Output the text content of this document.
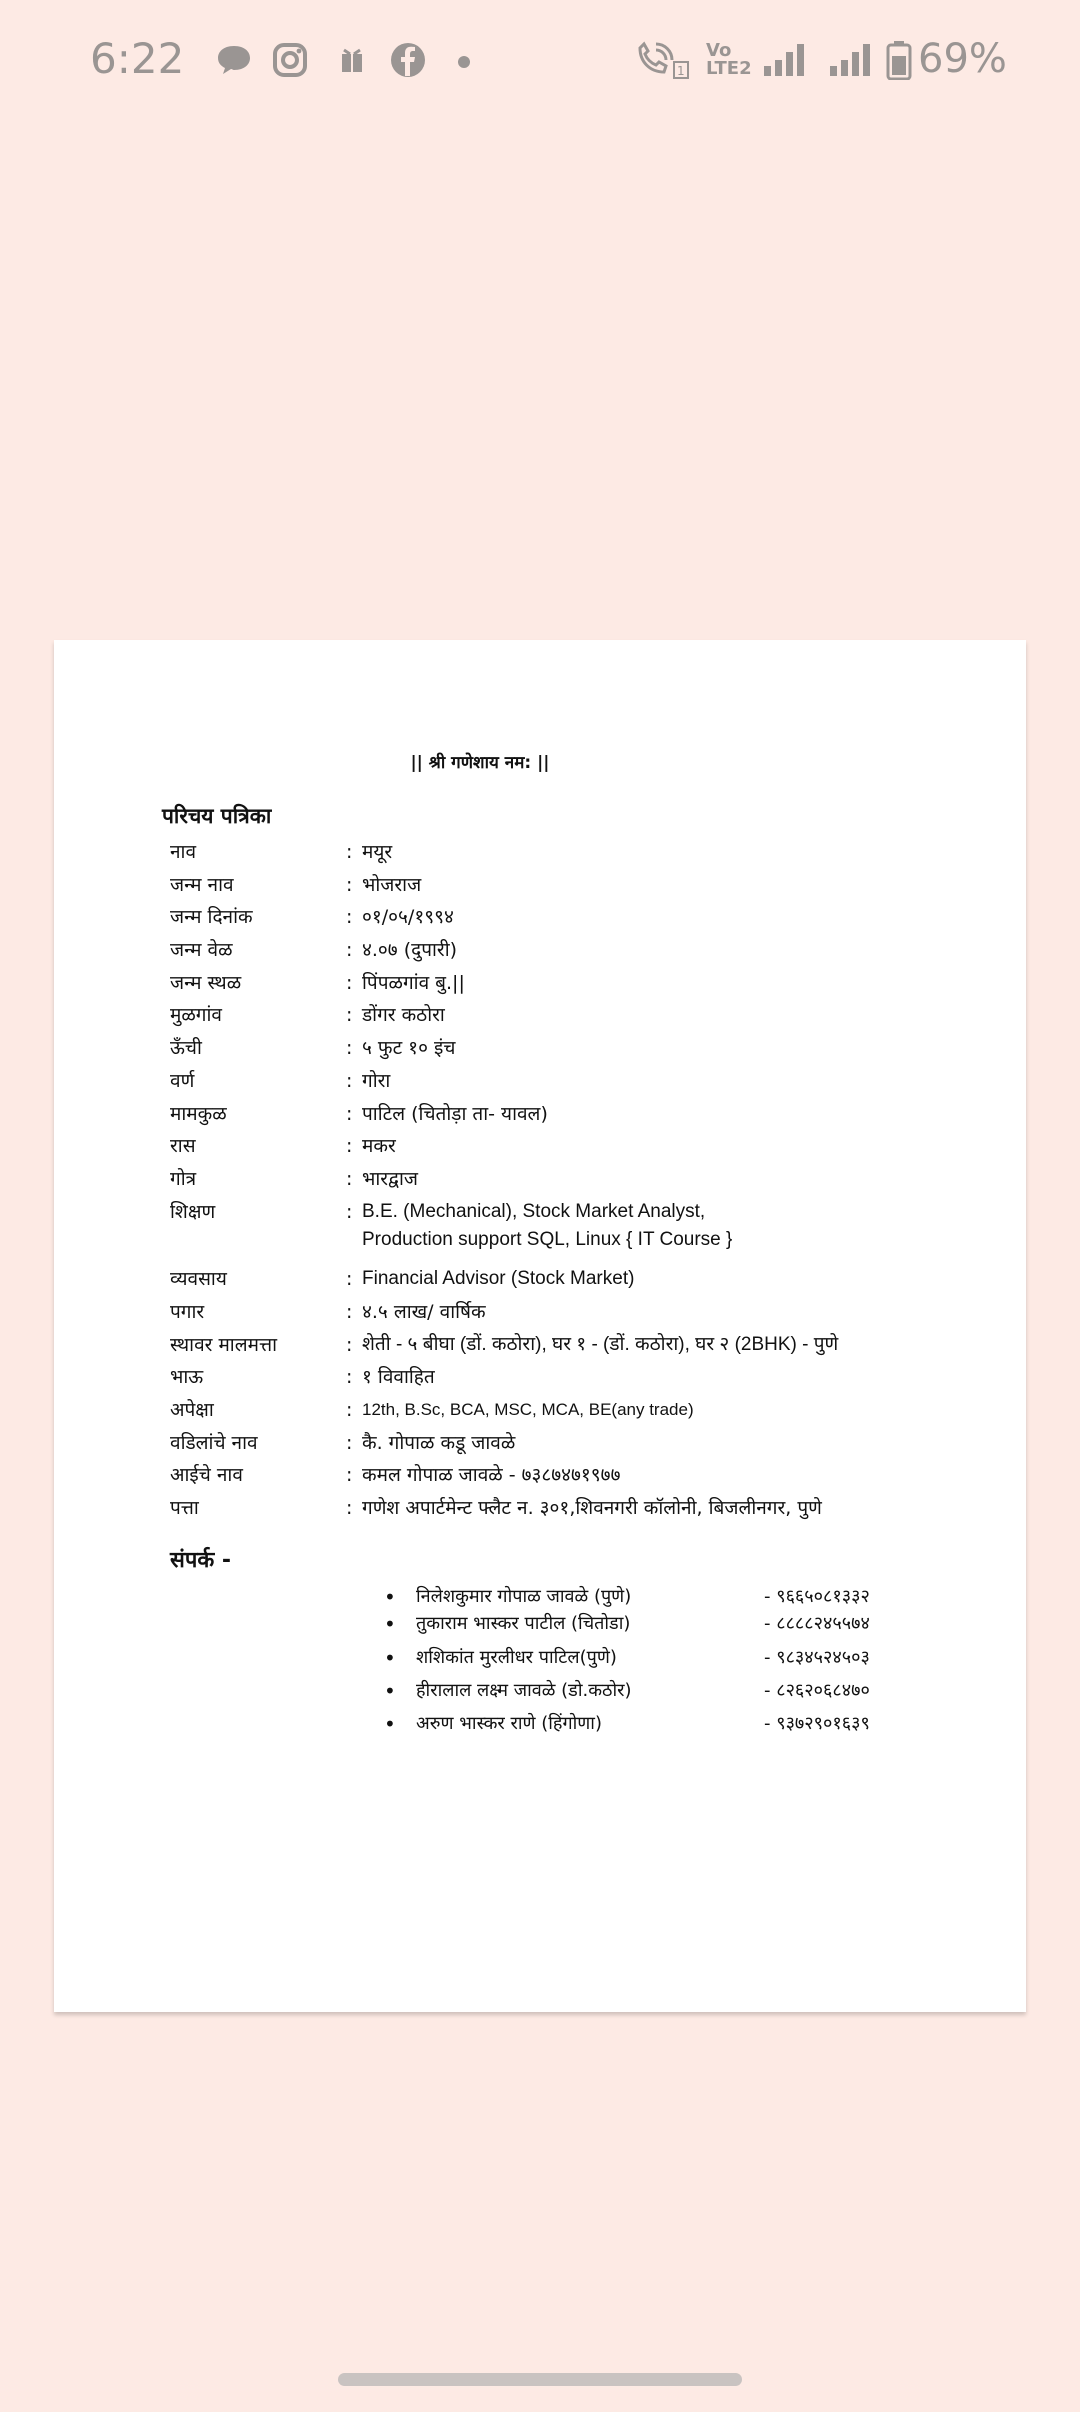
6:22	1
Vo
LTE2	69%
|| श्री गणेशाय नम: ||
परिचय पत्रिका
नाव	: मयूर
जन्म नाव	: भोजराज
जन्म दिनांक	: ०१/०५/१९९४
जन्म वेळ	: ४.०७ (दुपारी)
जन्म स्थळ	: पिंपळगांव बु.||
मुळगांव	: डोंगर कठोरा
ऊँची	: ५ फुट १० इंच
वर्ण	: गोरा
मामकुळ	: पाटिल (चितोड़ा ता- यावल)
रास	: मकर
गोत्र	: भारद्वाज
शिक्षण	: B.E. (Mechanical), Stock Market Analyst,
Production support SQL, Linux { IT Course }
व्यवसाय	: Financial Advisor (Stock Market)
पगार	: ४.५ लाख/ वार्षिक
स्थावर मालमत्ता	: शेती - ५ बीघा (डों. कठोरा), घर १ - (डों. कठोरा), घर २ (2BHK) - पुणे
भाऊ	: १ विवाहित
अपेक्षा	: 12th, B.Sc, BCA, MSC, MCA, BE(any trade)
वडिलांचे नाव	: कै. गोपाळ कडू जावळे
आईचे नाव	: कमल गोपाळ जावळे - ७३८७४७१९७७
पत्ता	: गणेश अपार्टमेन्ट फ्लैट न. ३०१,शिवनगरी कॉलोनी, बिजलीनगर, पुणे
संपर्क -
• निलेशकुमार गोपाळ जावळे (पुणे)	- ९६६५०८१३३२
• तुकाराम भास्कर पाटील (चितोडा)	- ८८८८२४५५७४
• शशिकांत मुरलीधर पाटिल(पुणे)	- ९८३४५२४५०३
• हीरालाल लक्ष्म जावळे (डो.कठोर)	- ८२६२०६८४७०
• अरुण भास्कर राणे (हिंगोणा)	- ९३७२९०१६३९
